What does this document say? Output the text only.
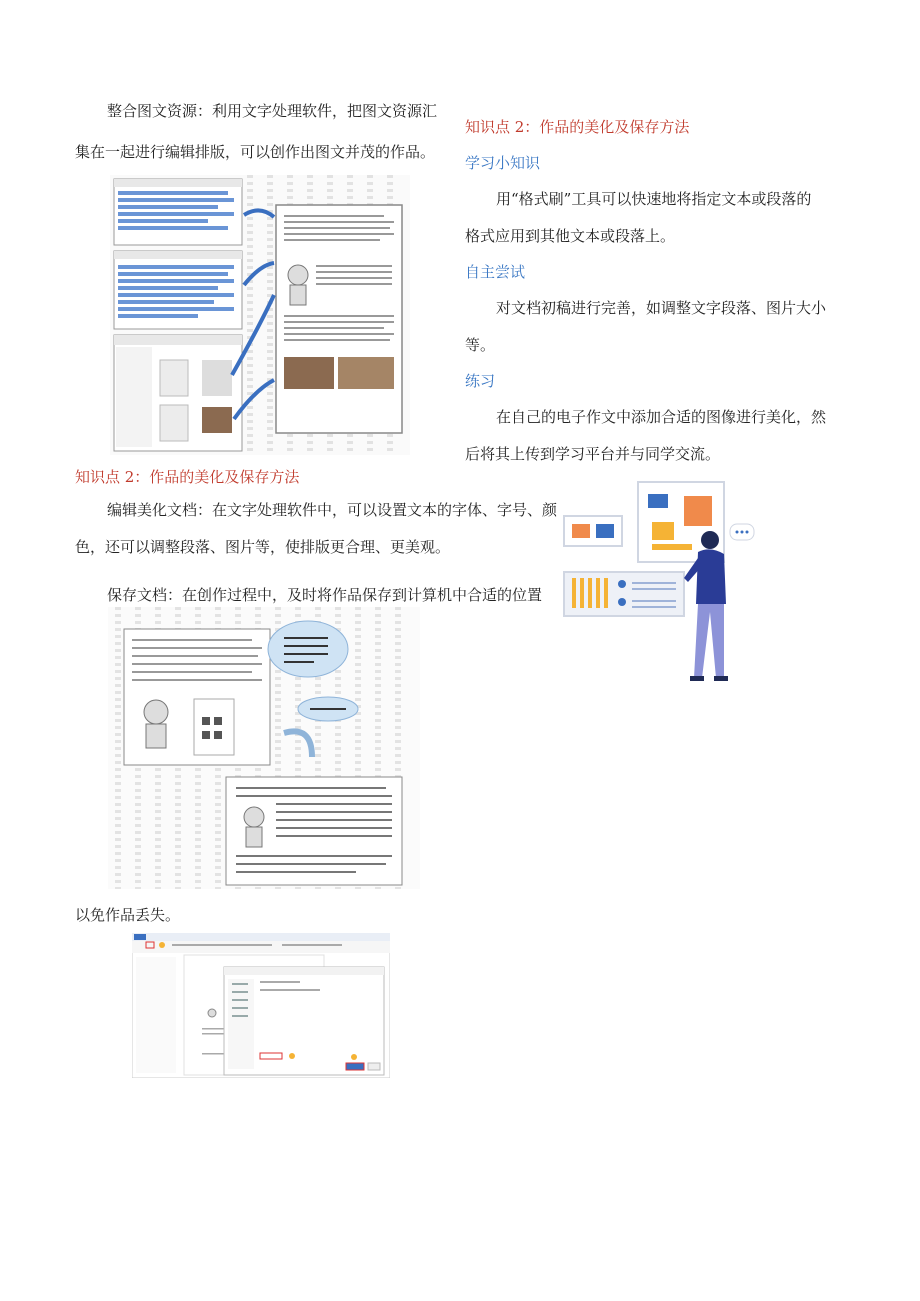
整合图文资源：利用文字处理软件，把图文资源汇
集在一起进行编辑排版，可以创作出图文并茂的作品。
知识点 2：作品的美化及保存方法
编辑美化文档：在文字处理软件中，可以设置文本的字体、字号、颜
色，还可以调整段落、图片等，使排版更合理、更美观。
保存文档：在创作过程中，及时将作品保存到计算机中合适的位置
以免作品丢失。
知识点 2：作品的美化及保存方法
学习小知识
用“格式刷”工具可以快速地将指定文本或段落的
格式应用到其他文本或段落上。
自主尝试
对文档初稿进行完善，如调整文字段落、图片大小
等。
练习
在自己的电子作文中添加合适的图像进行美化，然
后将其上传到学习平台并与同学交流。
